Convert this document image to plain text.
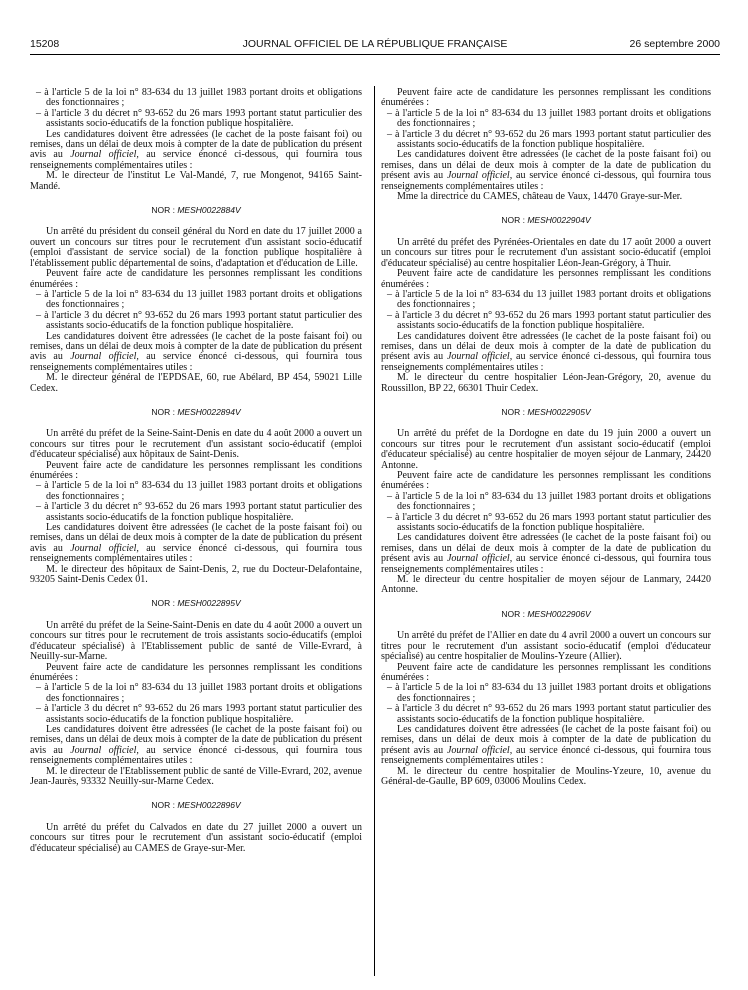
15208	JOURNAL OFFICIEL DE LA RÉPUBLIQUE FRANÇAISE	26 septembre 2000

– à l'article 5 de la loi n° 83-634 du 13 juillet 1983 portant droits et obligations des fonctionnaires ;

– à l'article 3 du décret n° 93-652 du 26 mars 1993 portant statut particulier des assistants socio-éducatifs de la fonction publique hospitalière.

Les candidatures doivent être adressées (le cachet de la poste faisant foi) ou remises, dans un délai de deux mois à compter de la date de publication du présent avis au Journal officiel, au service énoncé ci-dessous, qui fournira tous renseignements complémentaires utiles :

M. le directeur de l'institut Le Val-Mandé, 7, rue Mongenot, 94165 Saint-Mandé.

NOR : MESH0022884V

Un arrêté du président du conseil général du Nord en date du 17 juillet 2000 a ouvert un concours sur titres pour le recrutement d'un assistant socio-éducatif (emploi d'assistant de service social) de la fonction publique hospitalière à l'établissement public départemental de soins, d'adaptation et d'éducation de Lille.

Peuvent faire acte de candidature les personnes remplissant les conditions énumérées :

– à l'article 5 de la loi n° 83-634 du 13 juillet 1983 portant droits et obligations des fonctionnaires ;

– à l'article 3 du décret n° 93-652 du 26 mars 1993 portant statut particulier des assistants socio-éducatifs de la fonction publique hospitalière.

Les candidatures doivent être adressées (le cachet de la poste faisant foi) ou remises, dans un délai de deux mois à compter de la date de publication du présent avis au Journal officiel, au service énoncé ci-dessous, qui fournira tous renseignements complémentaires utiles :

M. le directeur général de l'EPDSAE, 60, rue Abélard, BP 454, 59021 Lille Cedex.

NOR : MESH0022894V

Un arrêté du préfet de la Seine-Saint-Denis en date du 4 août 2000 a ouvert un concours sur titres pour le recrutement d'un assistant socio-éducatif (emploi d'éducateur spécialisé) aux hôpitaux de Saint-Denis.

Peuvent faire acte de candidature les personnes remplissant les conditions énumérées :

– à l'article 5 de la loi n° 83-634 du 13 juillet 1983 portant droits et obligations des fonctionnaires ;

– à l'article 3 du décret n° 93-652 du 26 mars 1993 portant statut particulier des assistants socio-éducatifs de la fonction publique hospitalière.

Les candidatures doivent être adressées (le cachet de la poste faisant foi) ou remises, dans un délai de deux mois à compter de la date de publication du présent avis au Journal officiel, au service énoncé ci-dessous, qui fournira tous renseignements complémentaires utiles :

M. le directeur des hôpitaux de Saint-Denis, 2, rue du Docteur-Delafontaine, 93205 Saint-Denis Cedex 01.

NOR : MESH0022895V

Un arrêté du préfet de la Seine-Saint-Denis en date du 4 août 2000 a ouvert un concours sur titres pour le recrutement de trois assistants socio-éducatifs (emploi d'éducateur spécialisé) à l'Etablissement public de santé de Ville-Evrard, à Neuilly-sur-Marne.

Peuvent faire acte de candidature les personnes remplissant les conditions énumérées :

– à l'article 5 de la loi n° 83-634 du 13 juillet 1983 portant droits et obligations des fonctionnaires ;

– à l'article 3 du décret n° 93-652 du 26 mars 1993 portant statut particulier des assistants socio-éducatifs de la fonction publique hospitalière.

Les candidatures doivent être adressées (le cachet de la poste faisant foi) ou remises, dans un délai de deux mois à compter de la date de publication du présent avis au Journal officiel, au service énoncé ci-dessous, qui fournira tous renseignements complémentaires utiles :

M. le directeur de l'Etablissement public de santé de Ville-Evrard, 202, avenue Jean-Jaurès, 93332 Neuilly-sur-Marne Cedex.

NOR : MESH0022896V

Un arrêté du préfet du Calvados en date du 27 juillet 2000 a ouvert un concours sur titres pour le recrutement d'un assistant socio-éducatif (emploi d'éducateur spécialisé) au CAMES de Graye-sur-Mer.

Peuvent faire acte de candidature les personnes remplissant les conditions énumérées :

– à l'article 5 de la loi n° 83-634 du 13 juillet 1983 portant droits et obligations des fonctionnaires ;

– à l'article 3 du décret n° 93-652 du 26 mars 1993 portant statut particulier des assistants socio-éducatifs de la fonction publique hospitalière.

Les candidatures doivent être adressées (le cachet de la poste faisant foi) ou remises, dans un délai de deux mois à compter de la date de publication du présent avis au Journal officiel, au service énoncé ci-dessous, qui fournira tous renseignements complémentaires utiles :

Mme la directrice du CAMES, château de Vaux, 14470 Graye-sur-Mer.

NOR : MESH0022904V

Un arrêté du préfet des Pyrénées-Orientales en date du 17 août 2000 a ouvert un concours sur titres pour le recrutement d'un assistant socio-éducatif (emploi d'éducateur spécialisé) au centre hospitalier Léon-Jean-Grégory, à Thuir.

Peuvent faire acte de candidature les personnes remplissant les conditions énumérées :

– à l'article 5 de la loi n° 83-634 du 13 juillet 1983 portant droits et obligations des fonctionnaires ;

– à l'article 3 du décret n° 93-652 du 26 mars 1993 portant statut particulier des assistants socio-éducatifs de la fonction publique hospitalière.

Les candidatures doivent être adressées (le cachet de la poste faisant foi) ou remises, dans un délai de deux mois à compter de la date de publication du présent avis au Journal officiel, au service énoncé ci-dessous, qui fournira tous renseignements complémentaires utiles :

M. le directeur du centre hospitalier Léon-Jean-Grégory, 20, avenue du Roussillon, BP 22, 66301 Thuir Cedex.

NOR : MESH0022905V

Un arrêté du préfet de la Dordogne en date du 19 juin 2000 a ouvert un concours sur titres pour le recrutement d'un assistant socio-éducatif (emploi d'éducateur spécialisé) au centre hospitalier de moyen séjour de Lanmary, 24420 Antonne.

Peuvent faire acte de candidature les personnes remplissant les conditions énumérées :

– à l'article 5 de la loi n° 83-634 du 13 juillet 1983 portant droits et obligations des fonctionnaires ;

– à l'article 3 du décret n° 93-652 du 26 mars 1993 portant statut particulier des assistants socio-éducatifs de la fonction publique hospitalière.

Les candidatures doivent être adressées (le cachet de la poste faisant foi) ou remises, dans un délai de deux mois à compter de la date de publication du présent avis au Journal officiel, au service énoncé ci-dessous, qui fournira tous renseignements complémentaires utiles :

M. le directeur du centre hospitalier de moyen séjour de Lanmary, 24420 Antonne.

NOR : MESH0022906V

Un arrêté du préfet de l'Allier en date du 4 avril 2000 a ouvert un concours sur titres pour le recrutement d'un assistant socio-éducatif (emploi d'éducateur spécialisé) au centre hospitalier de Moulins-Yzeure (Allier).

Peuvent faire acte de candidature les personnes remplissant les conditions énumérées :

– à l'article 5 de la loi n° 83-634 du 13 juillet 1983 portant droits et obligations des fonctionnaires ;

– à l'article 3 du décret n° 93-652 du 26 mars 1993 portant statut particulier des assistants socio-éducatifs de la fonction publique hospitalière.

Les candidatures doivent être adressées (le cachet de la poste faisant foi) ou remises, dans un délai de deux mois à compter de la date de publication du présent avis au Journal officiel, au service énoncé ci-dessous, qui fournira tous renseignements complémentaires utiles :

M. le directeur du centre hospitalier de Moulins-Yzeure, 10, avenue du Général-de-Gaulle, BP 609, 03006 Moulins Cedex.
